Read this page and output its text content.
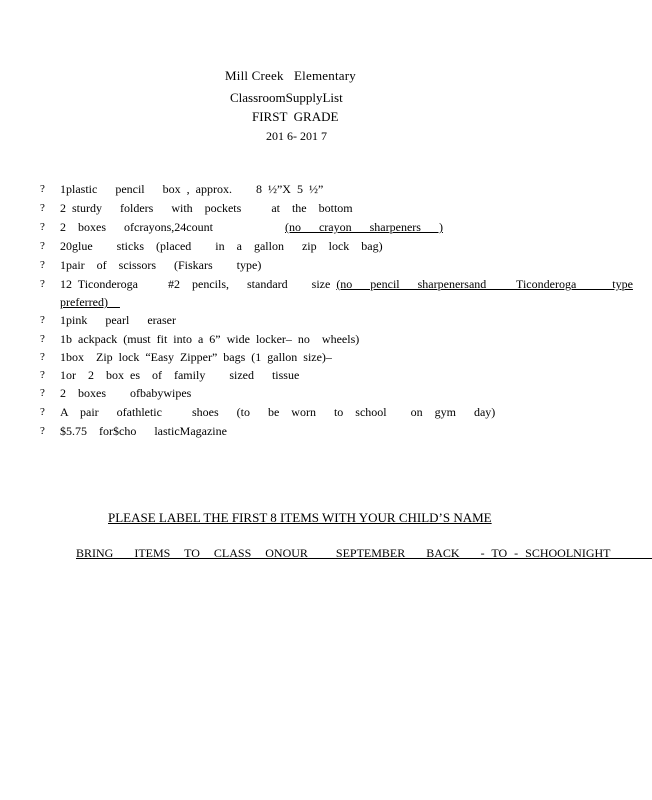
Mill Creek   Elementary
ClassroomSupplyList
FIRST  GRADE
201 6- 201 7
? 1plastic   pencil   box , approx.    8 ½”X 5 ½”
? 2 sturdy   folders   with  pockets     at  the  bottom
? 2  boxes   ofcrayons,24count            (no   crayon   sharpeners   )
? 20glue    sticks  (placed    in  a  gallon   zip  lock  bag)
? 1pair  of  scissors   (Fiskars    type)
? 12 Ticonderoga     #2  pencils,   standard    size (no   pencil   sharpenersand     Ticonderoga      type
preferred)
? 1pink   pearl   eraser
? 1b ackpack (must fit into a 6” wide locker– no  wheels)
? 1box  Zip lock “Easy Zipper” bags (1 gallon size)–
? 1or  2  box es  of  family    sized   tissue
? 2  boxes    ofbabywipes
? A  pair   ofathletic     shoes   (to   be  worn   to  school    on  gym   day)
? $5.75  for$cho   lasticMagazine
PLEASE LABEL THE FIRST 8 ITEMS WITH YOUR CHILD’S NAME
BRING   ITEMS  TO  CLASS  ONOUR    SEPTEMBER   BACK   - TO - SCHOOLNIGHT
